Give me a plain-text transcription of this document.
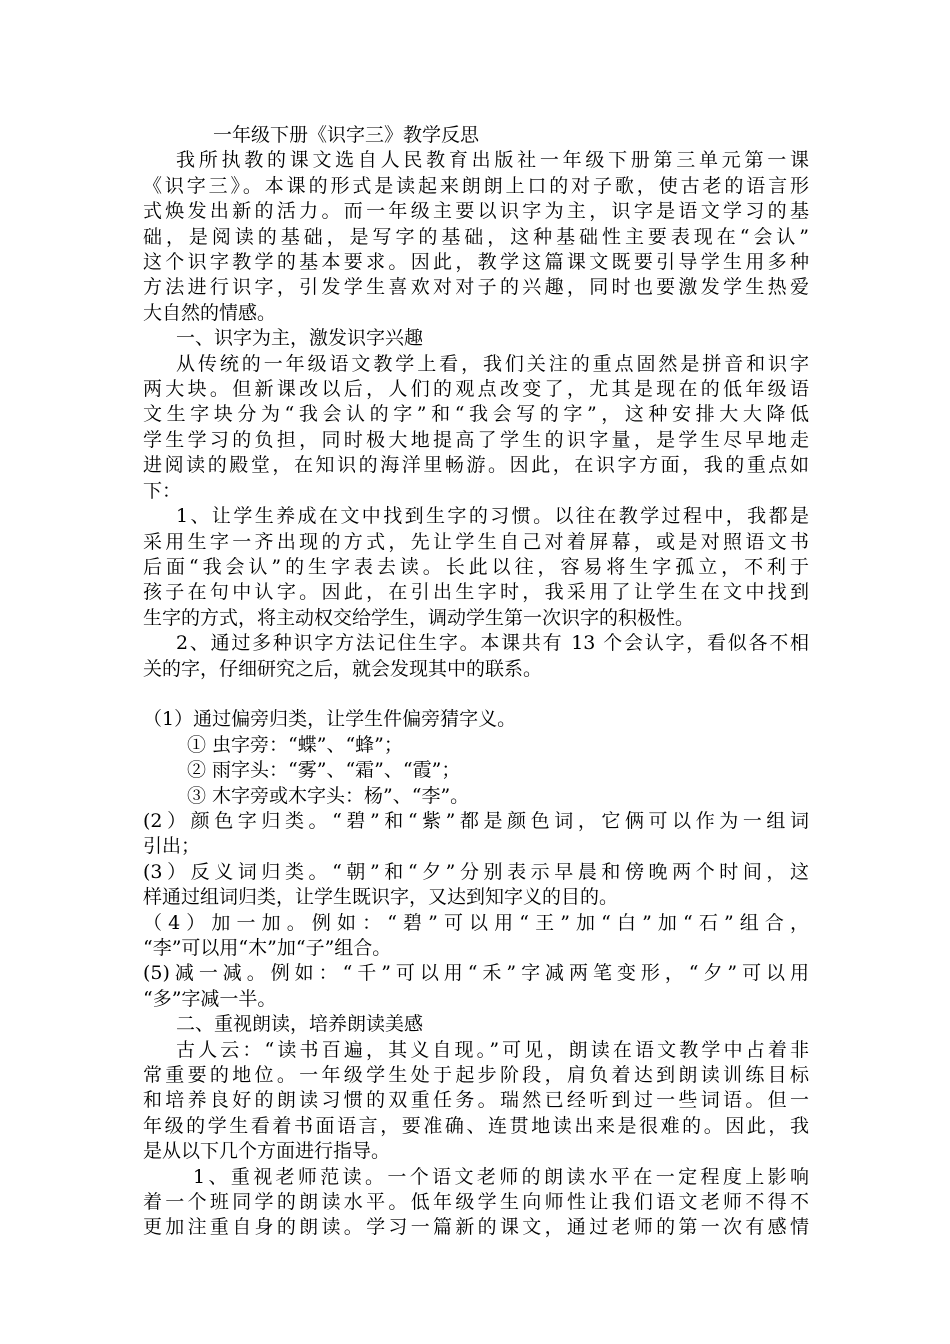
一年级下册《识字三》教学反思
我所执教的课文选自人民教育出版社一年级下册第三单元第一课
《识字三》。本课的形式是读起来朗朗上口的对子歌，使古老的语言形
式焕发出新的活力。而一年级主要以识字为主，识字是语文学习的基
础，是阅读的基础，是写字的基础，这种基础性主要表现在“会认”
这个识字教学的基本要求。因此，教学这篇课文既要引导学生用多种
方法进行识字，引发学生喜欢对对子的兴趣，同时也要激发学生热爱
大自然的情感。
一、识字为主，激发识字兴趣
从传统的一年级语文教学上看，我们关注的重点固然是拼音和识字
两大块。但新课改以后，人们的观点改变了，尤其是现在的低年级语
文生字块分为“我会认的字”和“我会写的字”，这种安排大大降低
学生学习的负担，同时极大地提高了学生的识字量，是学生尽早地走
进阅读的殿堂，在知识的海洋里畅游。因此，在识字方面，我的重点如
下：
1、让学生养成在文中找到生字的习惯。以往在教学过程中，我都是
采用生字一齐出现的方式，先让学生自己对着屏幕，或是对照语文书
后面“我会认”的生字表去读。长此以往，容易将生字孤立，不利于
孩子在句中认字。因此，在引出生字时，我采用了让学生在文中找到
生字的方式，将主动权交给学生，调动学生第一次识字的积极性。
2、通过多种识字方法记住生字。本课共有 13 个会认字，看似各不相
关的字，仔细研究之后，就会发现其中的联系。
（1）通过偏旁归类，让学生件偏旁猜字义。
① 虫字旁：“蝶”、“蜂”；
② 雨字头：“雾”、“霜”、“霞”；
③ 木字旁或木字头：杨”、“李”。
(2）颜色字归类。“碧”和“紫”都是颜色词，它俩可以作为一组词
引出；
(3）反义词归类。“朝”和“夕”分别表示早晨和傍晚两个时间，这
样通过组词归类，让学生既识字，又达到知字义的目的。
（4）加一加。例如：“碧”可以用“王”加“白”加“石”组合，
“李”可以用“木”加“子”组合。
(5)减一减。例如：“千”可以用“禾”字减两笔变形，“夕”可以用
“多”字减一半。
二、重视朗读，培养朗读美感
古人云：“读书百遍，其义自现。”可见，朗读在语文教学中占着非
常重要的地位。一年级学生处于起步阶段，肩负着达到朗读训练目标
和培养良好的朗读习惯的双重任务。瑞然已经听到过一些词语。但一
年级的学生看着书面语言，要准确、连贯地读出来是很难的。因此，我
是从以下几个方面进行指导。
1、重视老师范读。一个语文老师的朗读水平在一定程度上影响
着一个班同学的朗读水平。低年级学生向师性让我们语文老师不得不
更加注重自身的朗读。学习一篇新的课文，通过老师的第一次有感情
